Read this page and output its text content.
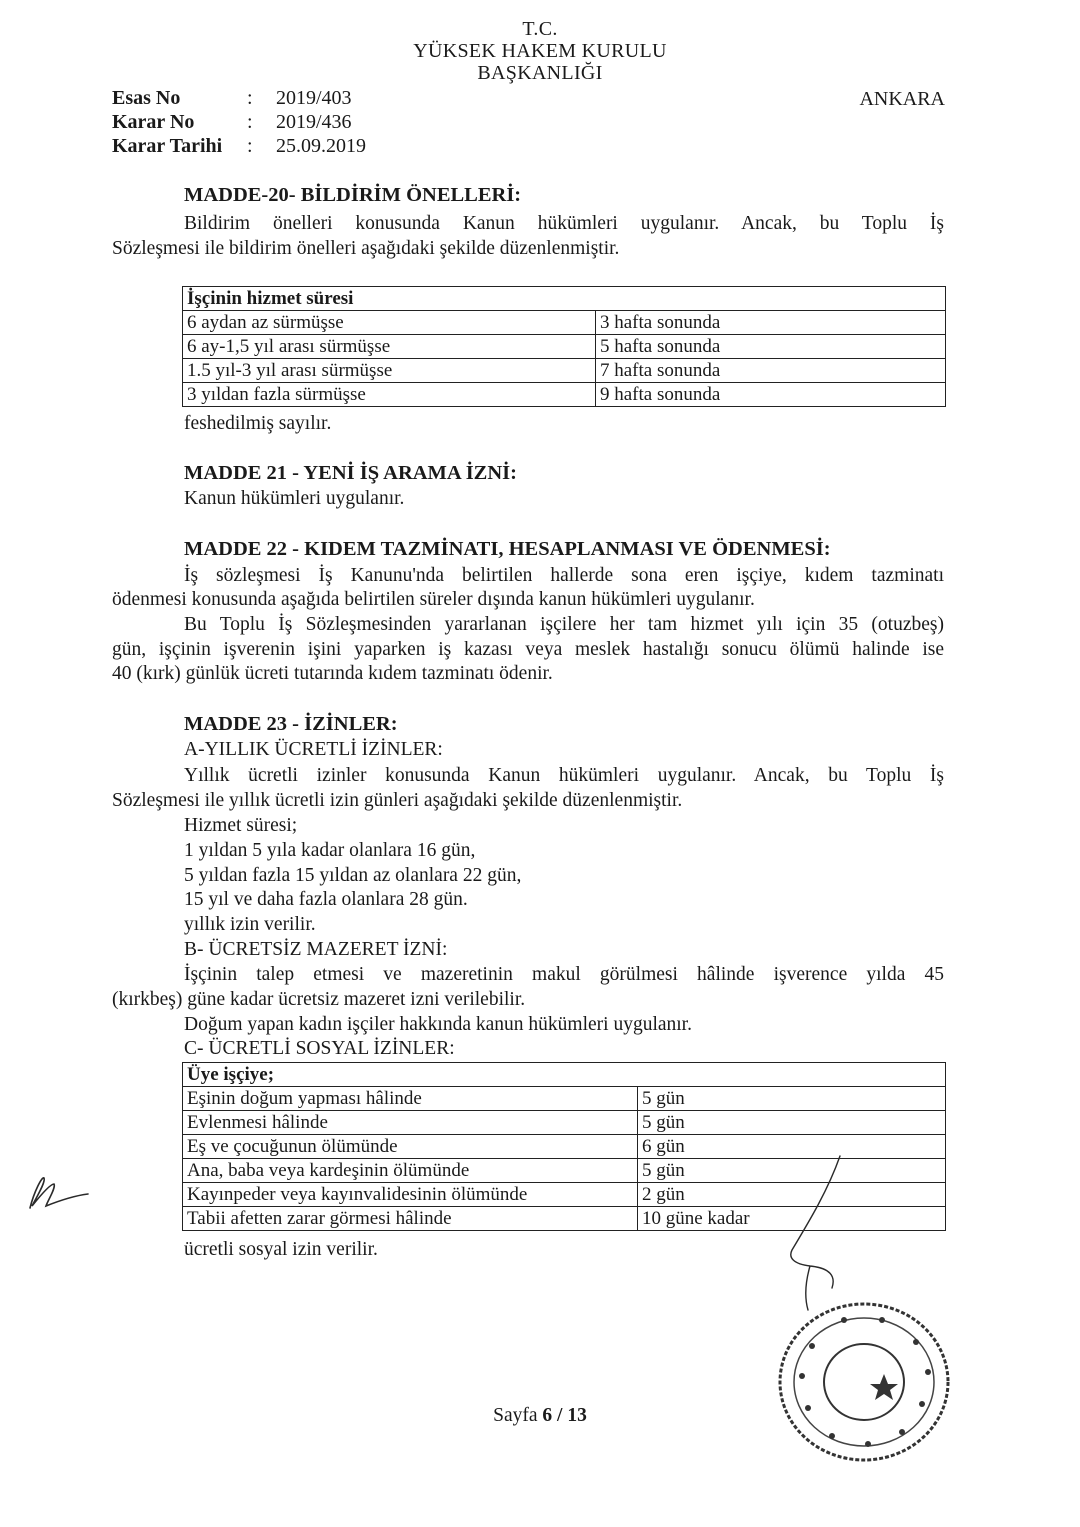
T.C.
YÜKSEK HAKEM KURULU
BAŞKANLIĞI
ANKARA
Esas No	: 2019/403
Karar No	: 2019/436
Karar Tarihi : 25.09.2019
MADDE-20- BİLDİRİM ÖNELLERİ:
Bildirim önelleri konusunda Kanun hükümleri uygulanır. Ancak, bu Toplu İş
Sözleşmesi ile bildirim önelleri aşağıdaki şekilde düzenlenmiştir.
İşçinin hizmet süresi	
6 aydan az sürmüşse	3 hafta sonunda
6 ay-1,5 yıl arası sürmüşse	5 hafta sonunda
1.5 yıl-3 yıl arası sürmüşse	7 hafta sonunda
3 yıldan fazla sürmüşse	9 hafta sonunda
feshedilmiş sayılır.
MADDE 21 - YENİ İŞ ARAMA İZNİ:
Kanun hükümleri uygulanır.
MADDE 22 - KIDEM TAZMİNATI, HESAPLANMASI VE ÖDENMESİ:
İş sözleşmesi İş Kanunu'nda belirtilen hallerde sona eren işçiye, kıdem tazminatı
ödenmesi konusunda aşağıda belirtilen süreler dışında kanun hükümleri uygulanır.
Bu Toplu İş Sözleşmesinden yararlanan işçilere her tam hizmet yılı için 35 (otuzbeş)
gün, işçinin işverenin işini yaparken iş kazası veya meslek hastalığı sonucu ölümü halinde ise
40 (kırk) günlük ücreti tutarında kıdem tazminatı ödenir.
MADDE 23 - İZİNLER:
A-YILLIK ÜCRETLİ İZİNLER:
Yıllık ücretli izinler konusunda Kanun hükümleri uygulanır. Ancak, bu Toplu İş
Sözleşmesi ile yıllık ücretli izin günleri aşağıdaki şekilde düzenlenmiştir.
Hizmet süresi;
1 yıldan 5 yıla kadar olanlara 16 gün,
5 yıldan fazla 15 yıldan az olanlara 22 gün,
15 yıl ve daha fazla olanlara 28 gün.
yıllık izin verilir.
B- ÜCRETSİZ MAZERET İZNİ:
İşçinin talep etmesi ve mazeretinin makul görülmesi hâlinde işverence yılda 45
(kırkbeş) güne kadar ücretsiz mazeret izni verilebilir.
Doğum yapan kadın işçiler hakkında kanun hükümleri uygulanır.
C- ÜCRETLİ SOSYAL İZİNLER:
Üye işçiye;	
Eşinin doğum yapması hâlinde	5 gün
Evlenmesi hâlinde	5 gün
Eş ve çocuğunun ölümünde	6 gün
Ana, baba veya kardeşinin ölümünde	5 gün
Kayınpeder veya kayınvalidesinin ölümünde	2 gün
Tabii afetten zarar görmesi hâlinde	10 güne kadar
ücretli sosyal izin verilir.
Sayfa 6 / 13
